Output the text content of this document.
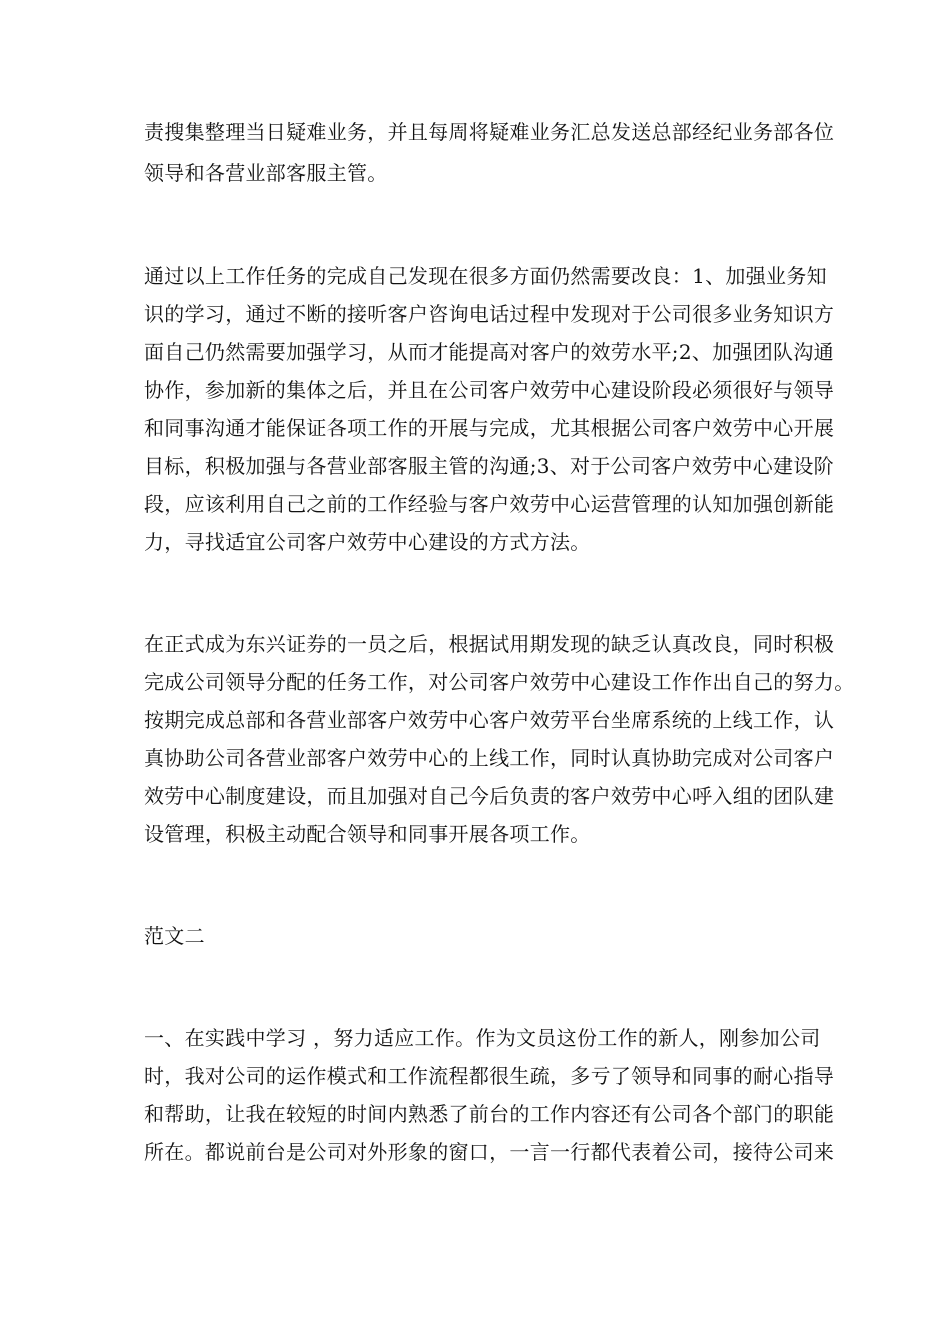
责搜集整理当日疑难业务，并且每周将疑难业务汇总发送总部经纪业务部各位
领导和各营业部客服主管。
通过以上工作任务的完成自己发现在很多方面仍然需要改良：1、加强业务知
识的学习，通过不断的接听客户咨询电话过程中发现对于公司很多业务知识方
面自己仍然需要加强学习，从而才能提高对客户的效劳水平;2、加强团队沟通
协作，参加新的集体之后，并且在公司客户效劳中心建设阶段必须很好与领导
和同事沟通才能保证各项工作的开展与完成，尤其根据公司客户效劳中心开展
目标，积极加强与各营业部客服主管的沟通;3、对于公司客户效劳中心建设阶
段，应该利用自己之前的工作经验与客户效劳中心运营管理的认知加强创新能
力，寻找适宜公司客户效劳中心建设的方式方法。
在正式成为东兴证券的一员之后，根据试用期发现的缺乏认真改良，同时积极
完成公司领导分配的任务工作，对公司客户效劳中心建设工作作出自己的努力。
按期完成总部和各营业部客户效劳中心客户效劳平台坐席系统的上线工作，认
真协助公司各营业部客户效劳中心的上线工作，同时认真协助完成对公司客户
效劳中心制度建设，而且加强对自己今后负责的客户效劳中心呼入组的团队建
设管理，积极主动配合领导和同事开展各项工作。
范文二
一、在实践中学习 ，努力适应工作。作为文员这份工作的新人，刚参加公司
时，我对公司的运作模式和工作流程都很生疏，多亏了领导和同事的耐心指导
和帮助，让我在较短的时间内熟悉了前台的工作内容还有公司各个部门的职能
所在。都说前台是公司对外形象的窗口，一言一行都代表着公司，接待公司来
